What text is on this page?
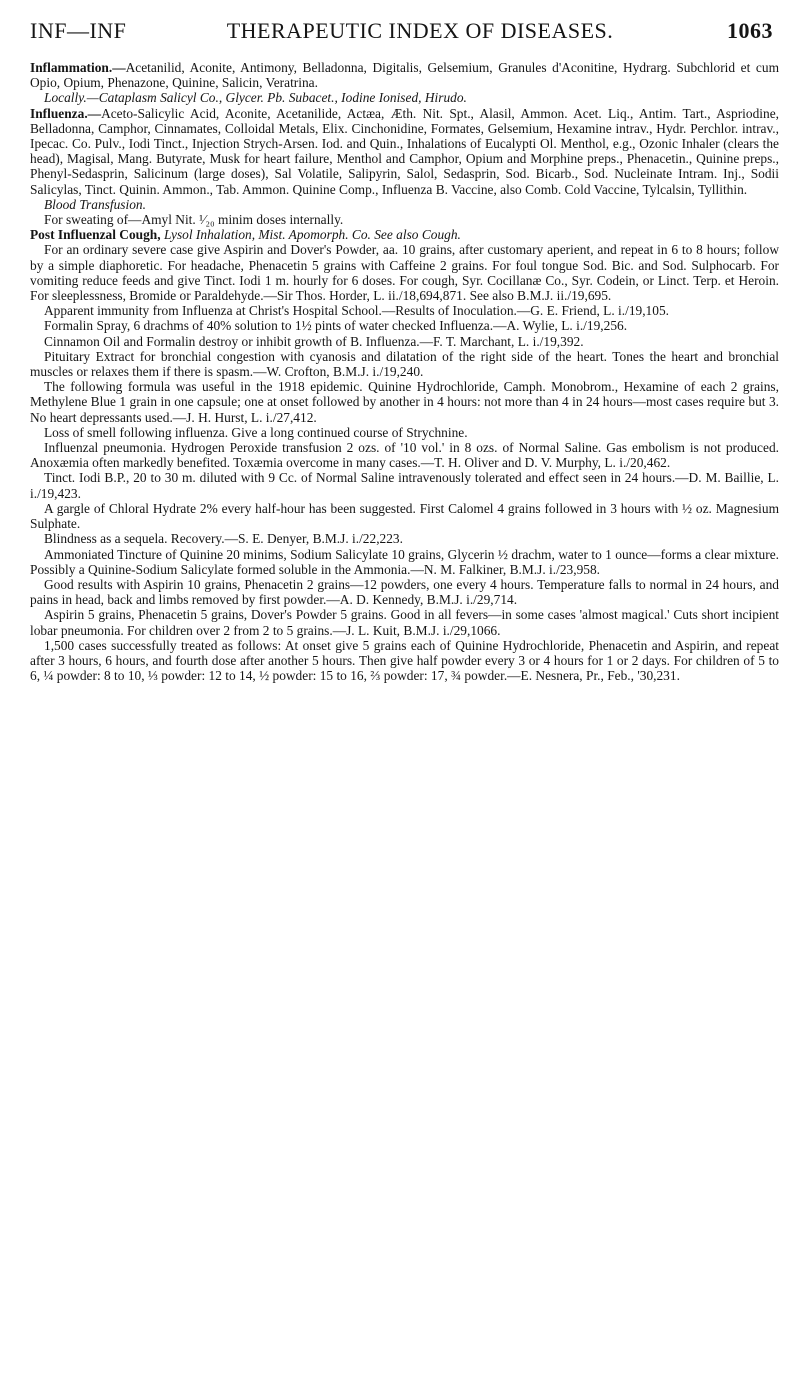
INF—INF	THERAPEUTIC INDEX OF DISEASES.	1063

Inflammation.—Acetanilid, Aconite, Antimony, Belladonna, Digitalis, Gelsemium, Granules d'Aconitine, Hydrarg. Subchlorid et cum Opio, Opium, Phenazone, Quinine, Salicin, Veratrina.

Locally.—Cataplasm Salicyl Co., Glycer. Pb. Subacet., Iodine Ionised, Hirudo.

Influenza.—Aceto-Salicylic Acid, Aconite, Acetanilide, Actæa, Æth. Nit. Spt., Alasil, Ammon. Acet. Liq., Antim. Tart., Aspriodine, Belladonna, Camphor, Cinnamates, Colloidal Metals, Elix. Cinchonidine, Formates, Gelsemium, Hexamine intrav., Hydr. Perchlor. intrav., Ipecac. Co. Pulv., Iodi Tinct., Injection Strych-Arsen. Iod. and Quin., Inhalations of Eucalypti Ol. Menthol, e.g., Ozonic Inhaler (clears the head), Magisal, Mang. Butyrate, Musk for heart failure, Menthol and Camphor, Opium and Morphine preps., Phenacetin., Quinine preps., Phenyl-Sedasprin, Salicinum (large doses), Sal Volatile, Salipyrin, Salol, Sedasprin, Sod. Bicarb., Sod. Nucleinate Intram. Inj., Sodii Salicylas, Tinct. Quinin. Ammon., Tab. Ammon. Quinine Comp., Influenza B. Vaccine, also Comb. Cold Vaccine, Tylcalsin, Tyllithin.

Blood Transfusion.

For sweating of—Amyl Nit. ¹⁄₂₀ minim doses internally.

Post Influenzal Cough, Lysol Inhalation, Mist. Apomorph. Co. See also Cough.

For an ordinary severe case give Aspirin and Dover's Powder, aa. 10 grains, after customary aperient, and repeat in 6 to 8 hours; follow by a simple diaphoretic. For headache, Phenacetin 5 grains with Caffeine 2 grains. For foul tongue Sod. Bic. and Sod. Sulphocarb. For vomiting reduce feeds and give Tinct. Iodi 1 m. hourly for 6 doses. For cough, Syr. Cocillanæ Co., Syr. Codein, or Linct. Terp. et Heroin. For sleeplessness, Bromide or Paraldehyde.—Sir Thos. Horder, L. ii./18,694,871. See also B.M.J. ii./19,695.

Apparent immunity from Influenza at Christ's Hospital School.—Results of Inoculation.—G. E. Friend, L. i./19,105.

Formalin Spray, 6 drachms of 40% solution to 1½ pints of water checked Influenza.—A. Wylie, L. i./19,256.

Cinnamon Oil and Formalin destroy or inhibit growth of B. Influenza.—F. T. Marchant, L. i./19,392.

Pituitary Extract for bronchial congestion with cyanosis and dilatation of the right side of the heart. Tones the heart and bronchial muscles or relaxes them if there is spasm.—W. Crofton, B.M.J. i./19,240.

The following formula was useful in the 1918 epidemic. Quinine Hydrochloride, Camph. Monobrom., Hexamine of each 2 grains, Methylene Blue 1 grain in one capsule; one at onset followed by another in 4 hours: not more than 4 in 24 hours—most cases require but 3. No heart depressants used.—J. H. Hurst, L. i./27,412.

Loss of smell following influenza. Give a long continued course of Strychnine.

Influenzal pneumonia. Hydrogen Peroxide transfusion 2 ozs. of '10 vol.' in 8 ozs. of Normal Saline. Gas embolism is not produced. Anoxæmia often markedly benefited. Toxæmia overcome in many cases.—T. H. Oliver and D. V. Murphy, L. i./20,462.

Tinct. Iodi B.P., 20 to 30 m. diluted with 9 Cc. of Normal Saline intravenously tolerated and effect seen in 24 hours.—D. M. Baillie, L. i./19,423.

A gargle of Chloral Hydrate 2% every half-hour has been suggested. First Calomel 4 grains followed in 3 hours with ½ oz. Magnesium Sulphate.

Blindness as a sequela. Recovery.—S. E. Denyer, B.M.J. i./22,223.

Ammoniated Tincture of Quinine 20 minims, Sodium Salicylate 10 grains, Glycerin ½ drachm, water to 1 ounce—forms a clear mixture. Possibly a Quinine-Sodium Salicylate formed soluble in the Ammonia.—N. M. Falkiner, B.M.J. i./23,958.

Good results with Aspirin 10 grains, Phenacetin 2 grains—12 powders, one every 4 hours. Temperature falls to normal in 24 hours, and pains in head, back and limbs removed by first powder.—A. D. Kennedy, B.M.J. i./29,714.

Aspirin 5 grains, Phenacetin 5 grains, Dover's Powder 5 grains. Good in all fevers—in some cases 'almost magical.' Cuts short incipient lobar pneumonia. For children over 2 from 2 to 5 grains.—J. L. Kuit, B.M.J. i./29,1066.

1,500 cases successfully treated as follows: At onset give 5 grains each of Quinine Hydrochloride, Phenacetin and Aspirin, and repeat after 3 hours, 6 hours, and fourth dose after another 5 hours. Then give half powder every 3 or 4 hours for 1 or 2 days. For children of 5 to 6, ¼ powder: 8 to 10, ⅓ powder: 12 to 14, ½ powder: 15 to 16, ⅔ powder: 17, ¾ powder.—E. Nesnera, Pr., Feb., '30,231.
